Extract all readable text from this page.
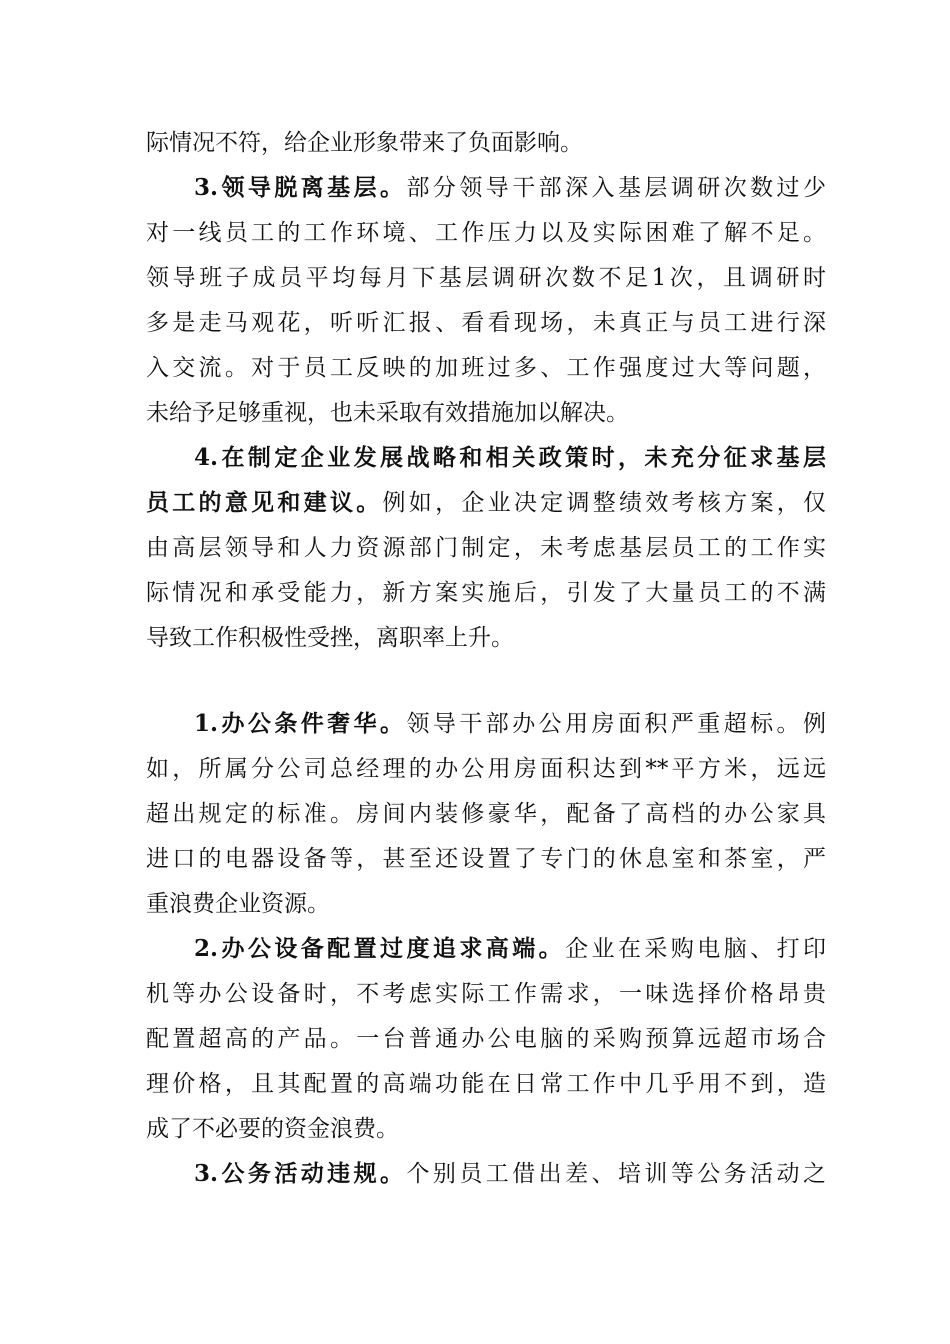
际情况不符，给企业形象带来了负面影响。
3.领导脱离基层。部分领导干部深入基层调研次数过少
对一线员工的工作环境、工作压力以及实际困难了解不足。
领导班子成员平均每月下基层调研次数不足1次，且调研时
多是走马观花，听听汇报、看看现场，未真正与员工进行深
入交流。对于员工反映的加班过多、工作强度过大等问题，
未给予足够重视，也未采取有效措施加以解决。
4.在制定企业发展战略和相关政策时，未充分征求基层
员工的意见和建议。例如，企业决定调整绩效考核方案，仅
由高层领导和人力资源部门制定，未考虑基层员工的工作实
际情况和承受能力，新方案实施后，引发了大量员工的不满
导致工作积极性受挫，离职率上升。
1.办公条件奢华。领导干部办公用房面积严重超标。例
如，所属分公司总经理的办公用房面积达到**平方米，远远
超出规定的标准。房间内装修豪华，配备了高档的办公家具
进口的电器设备等，甚至还设置了专门的休息室和茶室，严
重浪费企业资源。
2.办公设备配置过度追求高端。企业在采购电脑、打印
机等办公设备时，不考虑实际工作需求，一味选择价格昂贵
配置超高的产品。一台普通办公电脑的采购预算远超市场合
理价格，且其配置的高端功能在日常工作中几乎用不到，造
成了不必要的资金浪费。
3.公务活动违规。个别员工借出差、培训等公务活动之
